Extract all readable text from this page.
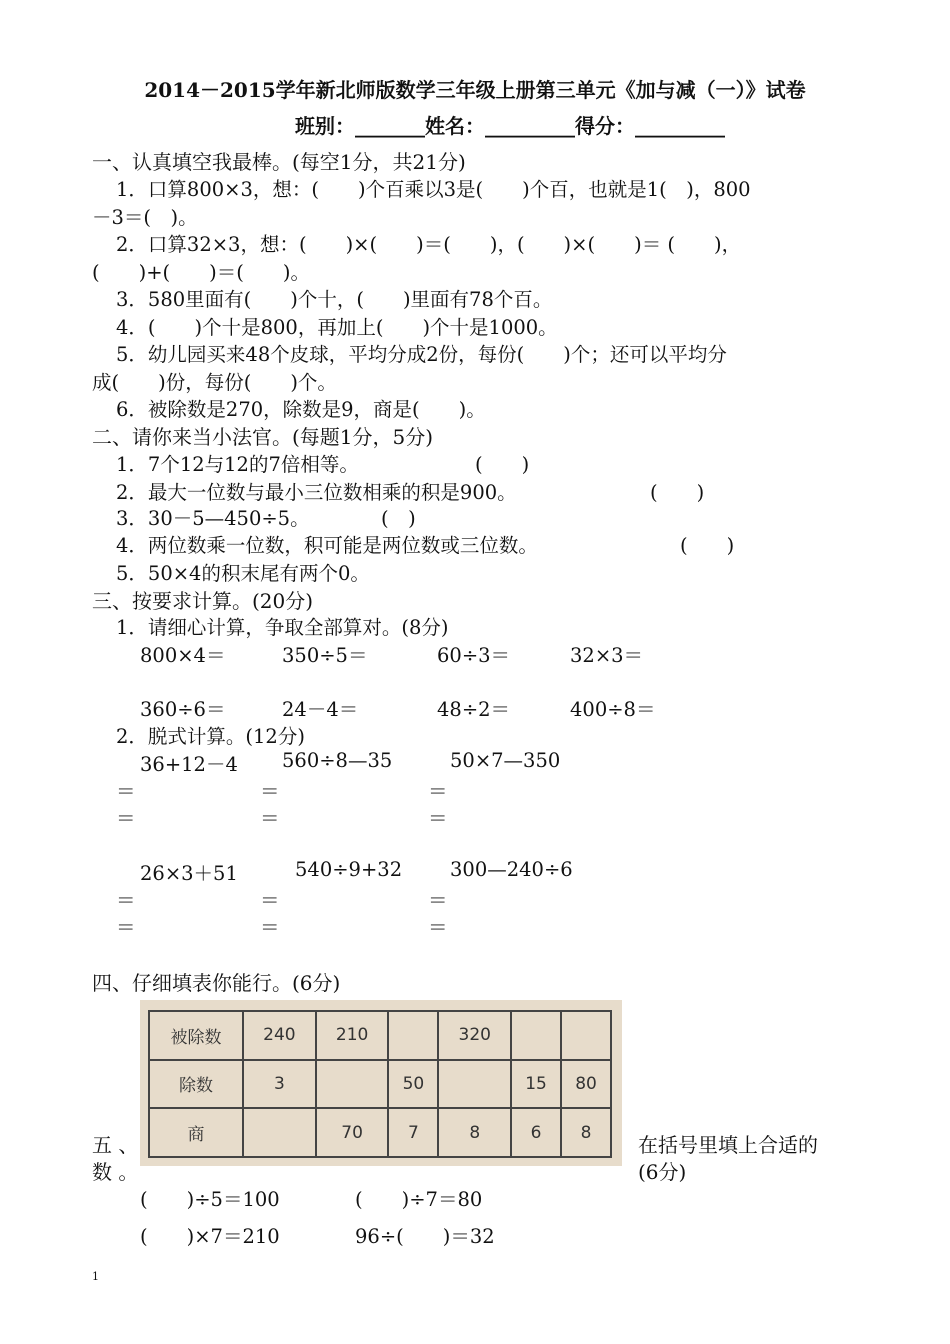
2014－2015学年新北师版数学三年级上册第三单元《加与减（一）》试卷
班别：_______姓名：_________得分：_________
一、认真填空我最棒。(每空1分，共21分)
1．口算800×3，想：(　　)个百乘以3是(　　)个百，也就是1(　)，800
－3＝(　)。
2．口算32×3，想：(　　)×(　　)＝(　　)，(　　)×(　　)＝ (　　)，
(　　)+(　　)＝(　　)。
3．580里面有(　　)个十，(　　)里面有78个百。
4．(　　)个十是800，再加上(　　)个十是1000。
5．幼儿园买来48个皮球，平均分成2份，每份(　　)个；还可以平均分
成(　　)份，每份(　　)个。
6．被除数是270，除数是9，商是(　　)。
二、请你来当小法官。(每题1分，5分)
1．7个12与12的7倍相等。	(　　)
2．最大一位数与最小三位数相乘的积是900。	(　　)
3．30－5—450÷5。	(　)
4．两位数乘一位数，积可能是两位数或三位数。	(　　)
5．50×4的积末尾有两个0。
三、按要求计算。(20分)
1．请细心计算，争取全部算对。(8分)
800×4＝	350÷5＝	60÷3＝	32×3＝
360÷6＝	24－4＝	48÷2＝	400÷8＝
2．脱式计算。(12分)
36+12－4 560÷8—35	50×7—350
＝	＝	＝
＝	＝	＝
26×3＋51	540÷9+32 300—240÷6
＝	＝	＝
＝	＝	＝
四、仔细填表你能行。(6分)
被除数	240	210		320		
除数	3		50		15	80
商		70	7	8	6	8
五 、
数 。
在括号里填上合适的
(6分)
(　　)÷5＝100	(　　)÷7＝80
(　　)×7＝210	96÷(　　)＝32
1
